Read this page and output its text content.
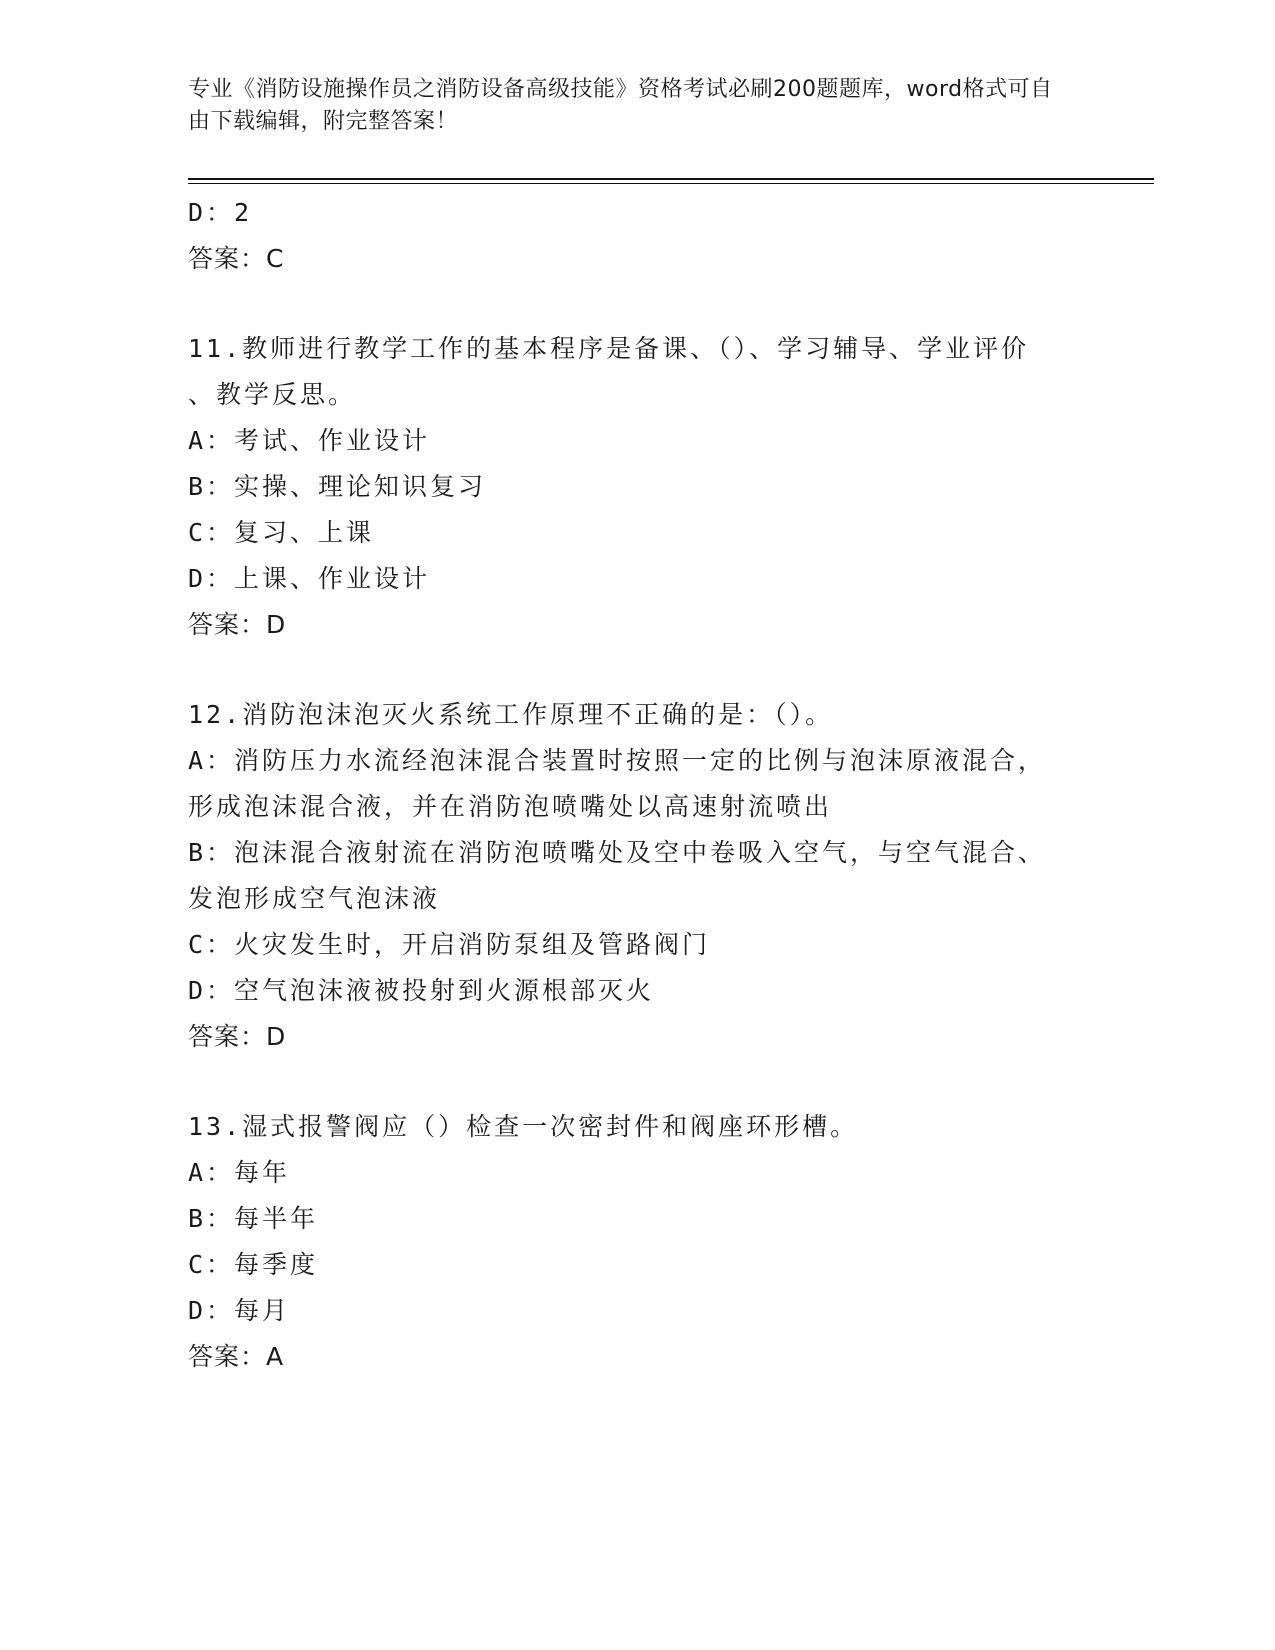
专业《消防设施操作员之消防设备高级技能》资格考试必刷200题题库，word格式可自由下载编辑，附完整答案！
D：2
答案：C
11.教师进行教学工作的基本程序是备课、（）、学习辅导、学业评价
、教学反思。
A：考试、作业设计
B：实操、理论知识复习
C：复习、上课
D：上课、作业设计
答案：D
12.消防泡沫泡灭火系统工作原理不正确的是：（）。
A：消防压力水流经泡沫混合装置时按照一定的比例与泡沫原液混合，
形成泡沫混合液，并在消防泡喷嘴处以高速射流喷出
B：泡沫混合液射流在消防泡喷嘴处及空中卷吸入空气，与空气混合、
发泡形成空气泡沫液
C：火灾发生时，开启消防泵组及管路阀门
D：空气泡沫液被投射到火源根部灭火
答案：D
13.湿式报警阀应（）检查一次密封件和阀座环形槽。
A：每年
B：每半年
C：每季度
D：每月
答案：A
